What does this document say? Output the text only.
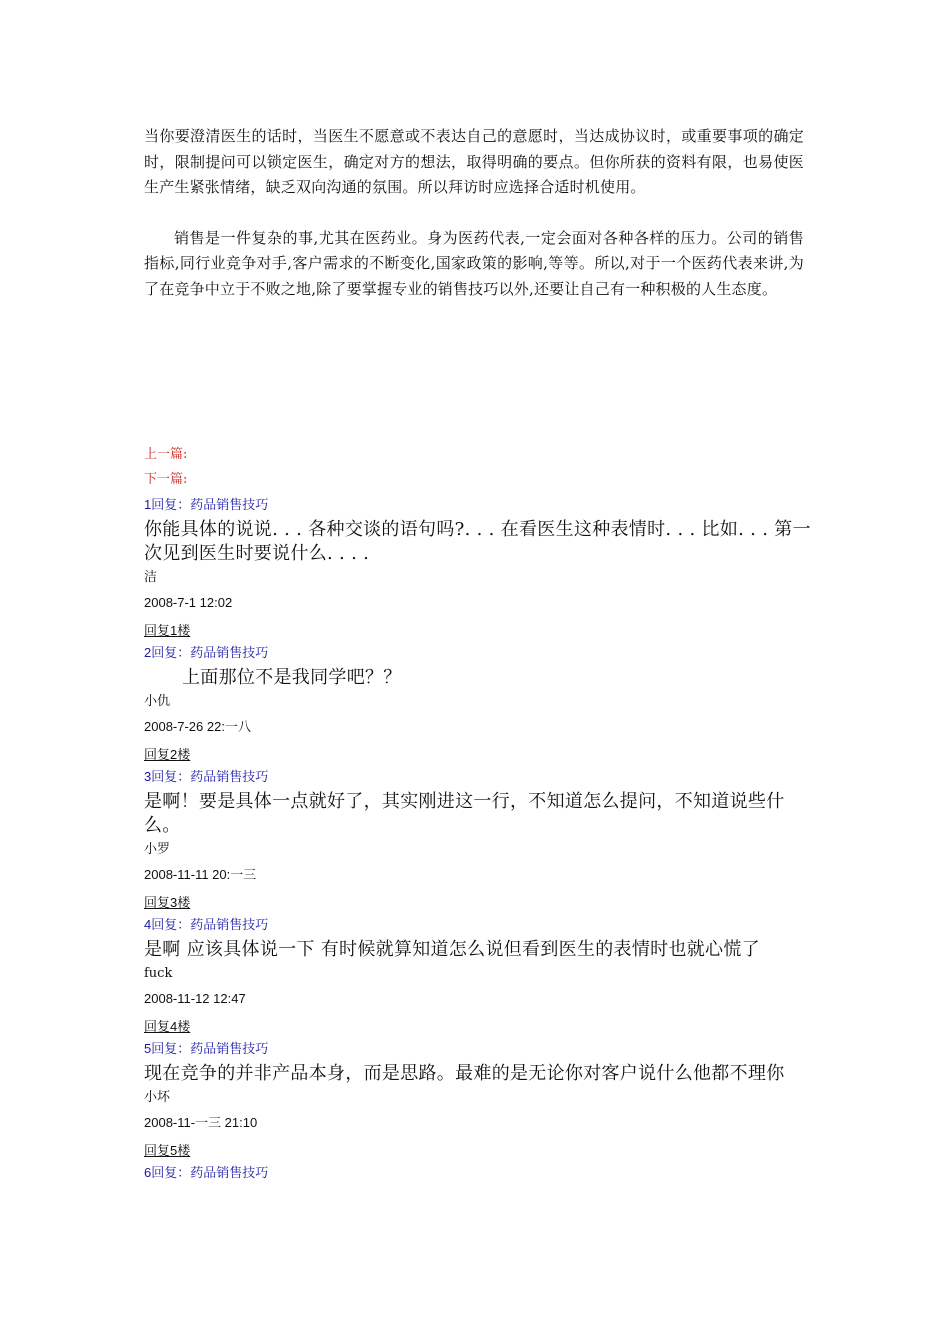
当你要澄清医生的话时，当医生不愿意或不表达自己的意愿时，当达成协议时，或重要事项的确定时，限制提问可以锁定医生，确定对方的想法，取得明确的要点。但你所获的资料有限，也易使医生产生紧张情绪，缺乏双向沟通的氛围。所以拜访时应选择合适时机使用。

销售是一件复杂的事,尤其在医药业。身为医药代表,一定会面对各种各样的压力。公司的销售指标,同行业竞争对手,客户需求的不断变化,国家政策的影响,等等。所以,对于一个医药代表来讲,为了在竞争中立于不败之地,除了要掌握专业的销售技巧以外,还要让自己有一种积极的人生态度。

上一篇:
下一篇:

1回复：药品销售技巧

你能具体的说说. . . 各种交谈的语句吗?. . . 在看医生这种表情时. . . 比如. . . 第一次见到医生时要说什么. . . .

洁

2008-7-1 12:02

回复1楼

2回复：药品销售技巧

上面那位不是我同学吧？？

小仇

2008-7-26 22:一八

回复2楼

3回复：药品销售技巧

是啊！要是具体一点就好了，其实刚进这一行，不知道怎么提问，不知道说些什么。

小罗

2008-11-11 20:一三

回复3楼

4回复：药品销售技巧

是啊 应该具体说一下 有时候就算知道怎么说但看到医生的表情时也就心慌了

fuck

2008-11-12 12:47

回复4楼

5回复：药品销售技巧

现在竞争的并非产品本身，而是思路。最难的是无论你对客户说什么他都不理你

小坏

2008-11-一三 21:10

回复5楼

6回复：药品销售技巧
